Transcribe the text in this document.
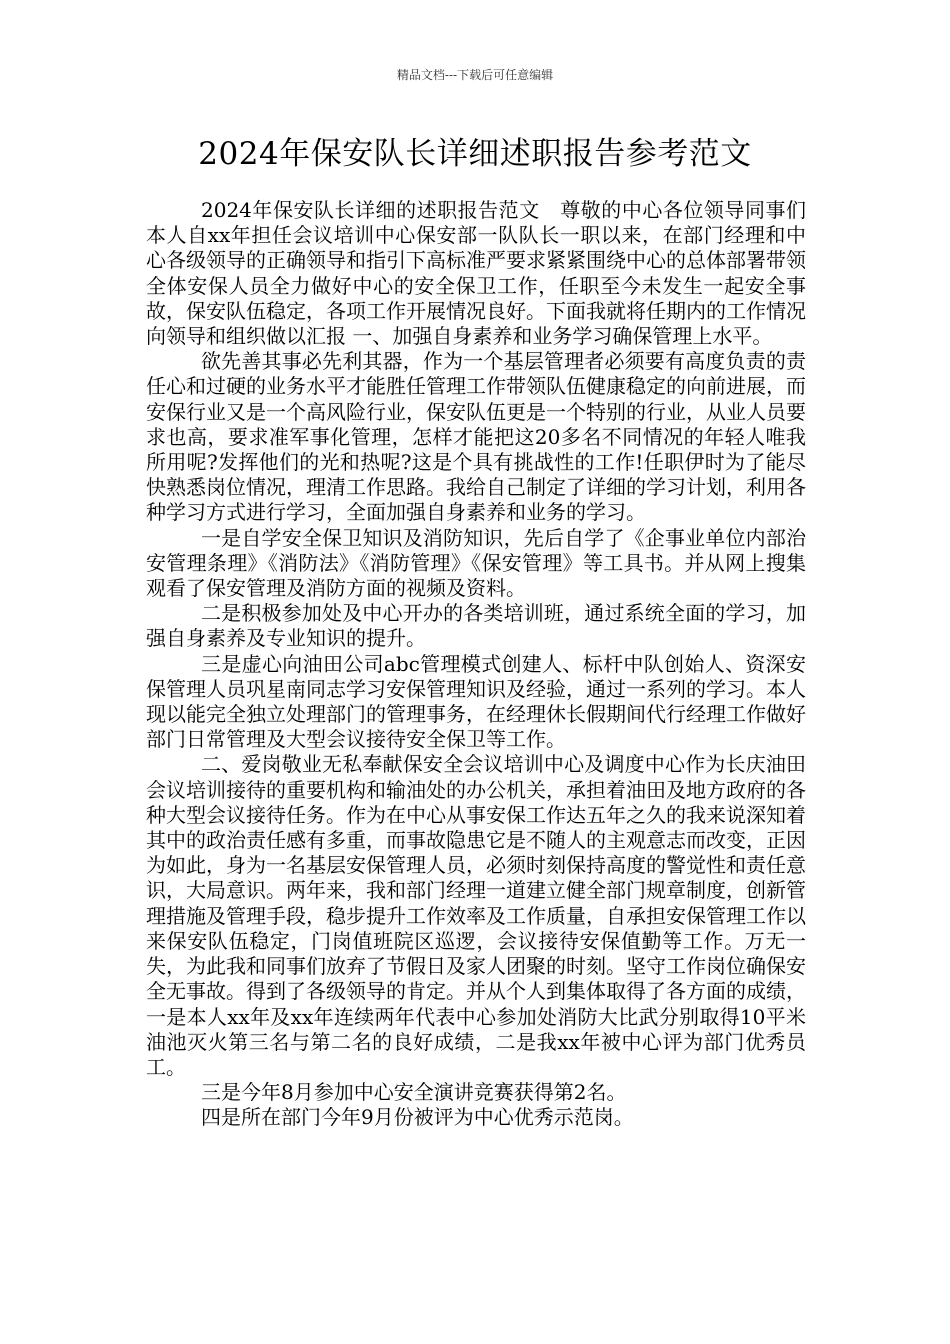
精品文档---下载后可任意编辑
2024年保安队长详细述职报告参考范文

2024年保安队长详细的述职报告范文　尊敬的中心各位领导同事们本人自xx年担任会议培训中心保安部一队队长一职以来，在部门经理和中心各级领导的正确领导和指引下高标准严要求紧紧围绕中心的总体部署带领全体安保人员全力做好中心的安全保卫工作，任职至今未发生一起安全事故，保安队伍稳定，各项工作开展情况良好。下面我就将任期内的工作情况向领导和组织做以汇报 一、加强自身素养和业务学习确保管理上水平。

欲先善其事必先利其器，作为一个基层管理者必须要有高度负责的责任心和过硬的业务水平才能胜任管理工作带领队伍健康稳定的向前进展，而安保行业又是一个高风险行业，保安队伍更是一个特别的行业，从业人员要求也高，要求准军事化管理，怎样才能把这20多名不同情况的年轻人唯我所用呢?发挥他们的光和热呢?这是个具有挑战性的工作!任职伊时为了能尽快熟悉岗位情况，理清工作思路。我给自己制定了详细的学习计划，利用各种学习方式进行学习，全面加强自身素养和业务的学习。

一是自学安全保卫知识及消防知识，先后自学了《企事业单位内部治安管理条理》《消防法》《消防管理》《保安管理》等工具书。并从网上搜集观看了保安管理及消防方面的视频及资料。

二是积极参加处及中心开办的各类培训班，通过系统全面的学习，加强自身素养及专业知识的提升。

三是虚心向油田公司abc管理模式创建人、标杆中队创始人、资深安保管理人员巩星南同志学习安保管理知识及经验，通过一系列的学习。本人现以能完全独立处理部门的管理事务，在经理休长假期间代行经理工作做好部门日常管理及大型会议接待安全保卫等工作。

二、爱岗敬业无私奉献保安全会议培训中心及调度中心作为长庆油田会议培训接待的重要机构和输油处的办公机关，承担着油田及地方政府的各种大型会议接待任务。作为在中心从事安保工作达五年之久的我来说深知着其中的政治责任感有多重，而事故隐患它是不随人的主观意志而改变，正因为如此，身为一名基层安保管理人员，必须时刻保持高度的警觉性和责任意识，大局意识。两年来，我和部门经理一道建立健全部门规章制度，创新管理措施及管理手段，稳步提升工作效率及工作质量，自承担安保管理工作以来保安队伍稳定，门岗值班院区巡逻，会议接待安保值勤等工作。万无一失，为此我和同事们放弃了节假日及家人团聚的时刻。坚守工作岗位确保安全无事故。得到了各级领导的肯定。并从个人到集体取得了各方面的成绩， 一是本人xx年及xx年连续两年代表中心参加处消防大比武分别取得10平米油池灭火第三名与第二名的良好成绩，二是我xx年被中心评为部门优秀员工。

三是今年8月参加中心安全演讲竞赛获得第2名。

四是所在部门今年9月份被评为中心优秀示范岗。
